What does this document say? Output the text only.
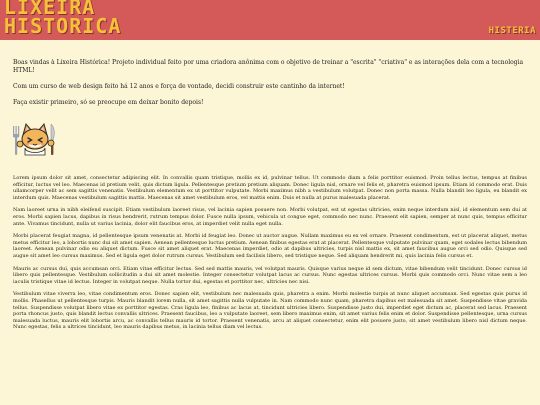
LIXEIRA
HISTORICA	HISTERIA

Boas vindas à Lixeira Histórica! Projeto individual feito por uma criadora anônima com o objetivo de treinar a "escrita" "criativa" e as interações dela com a tecnologia HTML!

Com um curso de web design feito há 12 anos e força de vontade, decidi construir este cantinho da internet!

Faça existir primeiro, só se preocupe em deixar bonito depois!

Lorem ipsum dolor sit amet, consectetur adipiscing elit. In convallis quam tristique, mollis ex id, pulvinar tellus. Ut commodo diam a felis porttitor euismod. Proin tellus lectus, tempus at finibus efficitur, luctus vel leo. Maecenas id pretium velit, quis dictum ligula. Pellentesque pretium pretium aliquam. Donec ligula nisl, ornare vel felis et, pharetra euismod ipsum. Etiam id commodo erat. Duis ullamcorper velit ac sem sagittis venenatis. Vestibulum elementum ex ut porttitor vulputate. Morbi maximus nibh a vestibulum volutpat. Donec non porta massa. Nulla blandit leo ligula, eu blandit ex interdum quis. Maecenas vestibulum sagittis mattis. Maecenas sit amet vestibulum eros, vel mattis enim. Duis et nulla at purus malesuada placerat.

Nam laoreet urna in nibh eleifend suscipit. Etiam vestibulum laoreet risus, vel lacinia sapien posuere non. Morbi volutpat, est ut egestas ultricies, enim neque interdum nisl, id elementum sem dui at eros. Morbi sapien lacus, dapibus in risus hendrerit, rutrum tempus dolor. Fusce nulla ipsum, vehicula ut congue eget, commodo nec nunc. Praesent elit sapien, semper at nunc quis, tempus efficitur ante. Vivamus tincidunt, nulla ut varius lacinia, dolor elit faucibus eros, at imperdiet velit nulla eget nulla.

Morbi placerat feugiat magna, id pellentesque ipsum venenatis at. Morbi id feugiat leo. Donec ut auctor augue. Nullam maximus eu ex vel ornare. Praesent condimentum, est ut placerat aliquet, metus metus efficitur leo, a lobortis nunc dui sit amet sapien. Aenean pellentesque luctus pretium. Aenean finibus egestas erat at placerat. Pellentesque vulputate pulvinar quam, eget sodales lectus bibendum laoreet. Aenean pulvinar odio eu aliquet dictum. Fusce sit amet aliquet erat. Maecenas imperdiet, odio at dapibus ultricies, turpis nisl mattis ex, sit amet faucibus augue orci sed odio. Quisque sed augue sit amet leo cursus maximus. Sed et ligula eget dolor rutrum cursus. Vestibulum sed facilisis libero, sed tristique neque. Sed aliquam hendrerit mi, quis lacinia felis cursus et.

Mauris ac cursus dui, quis accumsan orci. Etiam vitae efficitur lectus. Sed sed mattis mauris, vel volutpat mauris. Quisque varius neque id sem dictum, vitae bibendum velit tincidunt. Donec cursus id libero quis pellentesque. Vestibulum sollicitudin a dui sit amet molestie. Integer consectetur volutpat lacus ac cursus. Nunc egestas ultrices cursus. Morbi quis commodo orci. Nunc vitae sem a leo iaculis tristique vitae id lectus. Integer in volutpat neque. Nulla tortor dui, egestas et porttitor nec, ultricies nec nisi.

Vestibulum vitae viverra leo, vitae condimentum eros. Donec sapien elit, vestibulum nec malesuada quis, pharetra a enim. Morbi molestie turpis at nunc aliquet accumsan. Sed egestas quis purus id mollis. Phasellus ut pellentesque turpis. Mauris blandit lorem nulla, sit amet sagittis nulla vulputate in. Nam commodo nunc quam, pharetra dapibus est malesuada sit amet. Suspendisse vitae gravida tellus. Suspendisse volutpat libero vitae ex porttitor egestas. Cras ligula leo, finibus ac lacus at, tincidunt ultricies libero. Suspendisse justo dui, imperdiet eget dictum ac, placerat sed lacus. Praesent porta rhoncus justo, quis blandit lectus convallis ultrices. Praesent faucibus, leo a vulputate laoreet, sem libero maximus enim, sit amet varius felis enim et dolor. Suspendisse pellentesque, urna cursus malesuada luctus, mauris elit lobortis arcu, ac convallis tellus mauris id tortor. Praesent venenatis, arcu at aliquet consectetur, enim elit posuere justo, sit amet vestibulum libero nisl dictum neque. Nunc egestas, felis a ultrices tincidunt, leo mauris dapibus metus, in lacinia tellus diam vel lectus.
